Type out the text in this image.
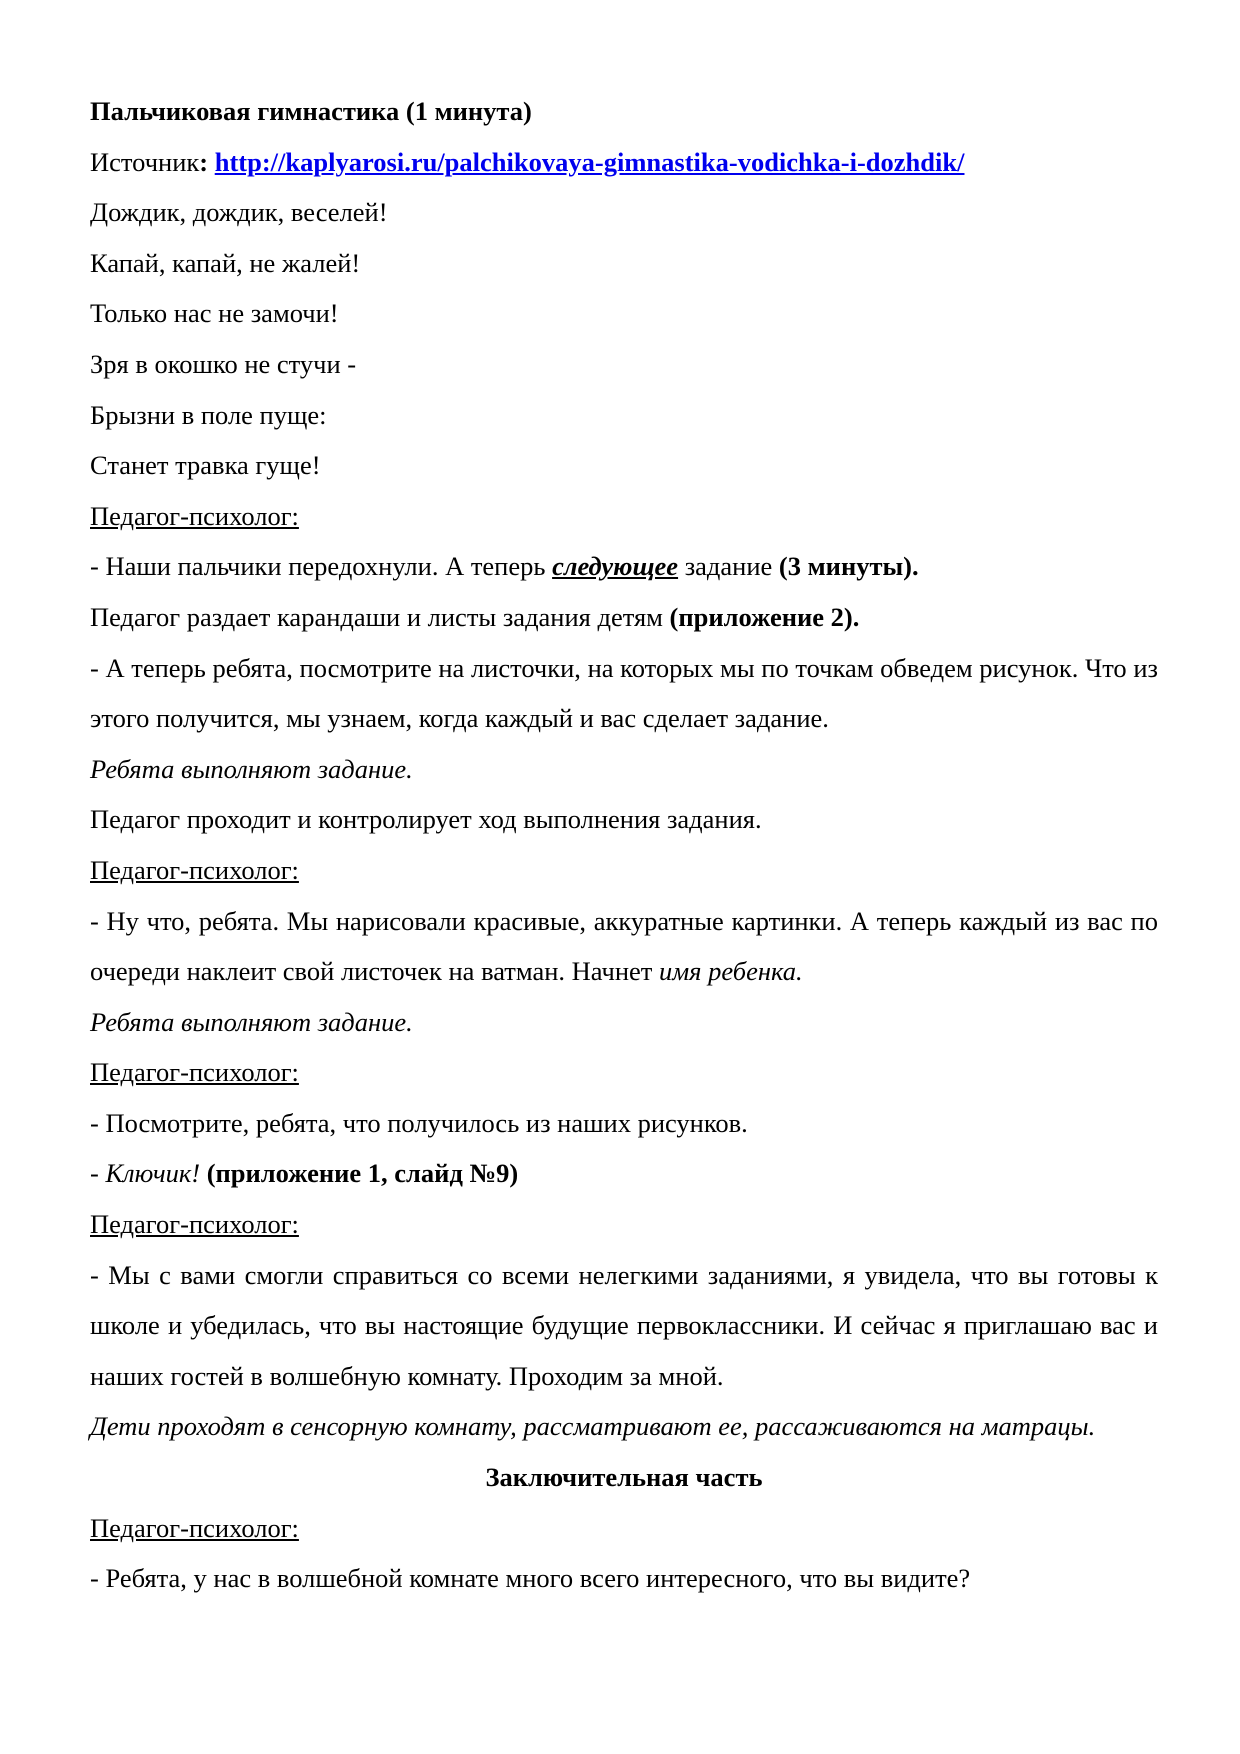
Пальчиковая гимнастика (1 минута)

Источник: http://kaplyarosi.ru/palchikovaya-gimnastika-vodichka-i-dozhdik/

Дождик, дождик, веселей!

Капай, капай, не жалей!

Только нас не замочи!

Зря в окошко не стучи -

Брызни в поле пуще:

Станет травка гуще!

Педагог-психолог:

- Наши пальчики передохнули. А теперь следующее задание (3 минуты).

Педагог раздает карандаши и листы задания детям (приложение 2).

- А теперь ребята, посмотрите на листочки, на которых мы по точкам обведем рисунок. Что из этого получится, мы узнаем, когда каждый и вас сделает задание.

Ребята выполняют задание.

Педагог проходит и контролирует ход выполнения задания.

Педагог-психолог:

- Ну что, ребята. Мы нарисовали красивые, аккуратные картинки. А теперь каждый из вас по очереди наклеит свой листочек на ватман. Начнет имя ребенка.

Ребята выполняют задание.

Педагог-психолог:

- Посмотрите, ребята, что получилось из наших рисунков.

- Ключик! (приложение 1, слайд №9)

Педагог-психолог:

- Мы с вами смогли справиться со всеми нелегкими заданиями, я увидела, что вы готовы к школе и убедилась, что вы настоящие будущие первоклассники. И сейчас я приглашаю вас и наших гостей в волшебную комнату. Проходим за мной.

Дети проходят в сенсорную комнату, рассматривают ее, рассаживаются на матрацы.

Заключительная часть

Педагог-психолог:

- Ребята, у нас в волшебной комнате много всего интересного, что вы видите?
